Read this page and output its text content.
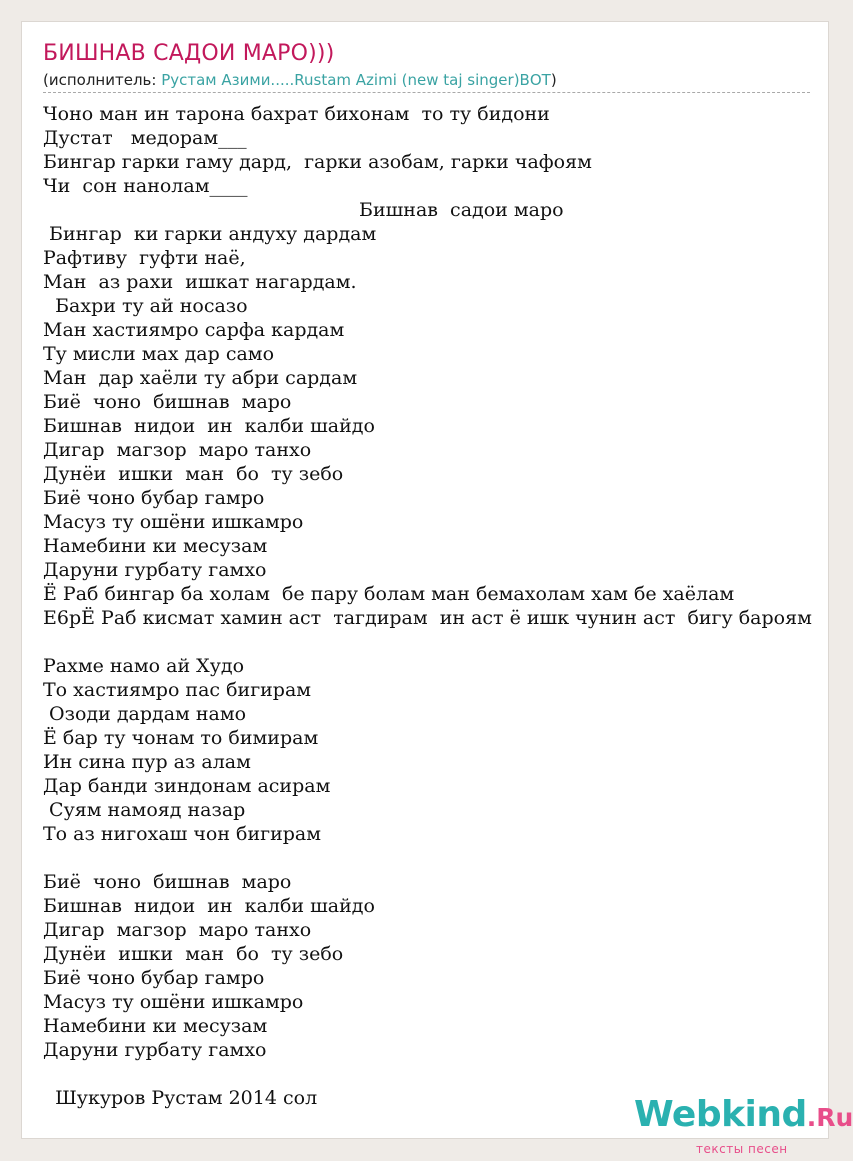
БИШНАВ САДОИ МАРО)))
(исполнитель: Рустам Азими.....Rustam Azimi (new taj singer)ВОТ)
Чоно ман ин тарона бахрат бихонам  то ту бидони
Дустат   медорам___
Бингар гарки гаму дард,  гарки азобам, гарки чафоям
Чи  сон нанолам____
Бишнав  садои маро
Бингар  ки гарки андуху дардам
Рафтиву  гуфти наё,
Ман  аз рахи  ишкат нагардам.
Бахри ту ай носазо
Ман хастиямро сарфа кардам
Ту мисли мах дар само
Ман  дар хаёли ту абри сардам
Биё  чоно  бишнав  маро
Бишнав  нидои  ин  калби шайдо
Дигар  магзор  маро танхо
Дунёи  ишки  ман  бо  ту зебо
Биё чоно бубар гамро
Масуз ту ошёни ишкамро
Намебини ки месузам
Даруни гурбату гамхо
Ё Раб бингар ба холам  бе пару болам ман бемахолам хам бе хаёлам
Е6рЁ Раб кисмат хамин аст  тагдирам  ин аст ё ишк чунин аст  бигу бароям
Рахме намо ай Худо
То хастиямро пас бигирам
Озоди дардам намо
Ё бар ту чонам то бимирам
Ин сина пур аз алам
Дар банди зиндонам асирам
Суям намояд назар
То аз нигохаш чон бигирам
Биё  чоно  бишнав  маро
Бишнав  нидои  ин  калби шайдо
Дигар  магзор  маро танхо
Дунёи  ишки  ман  бо  ту зебо
Биё чоно бубар гамро
Масуз ту ошёни ишкамро
Намебини ки месузам
Даруни гурбату гамхо
Шукуров Рустам 2014 сол	Webkind.Ru
тексты песен
